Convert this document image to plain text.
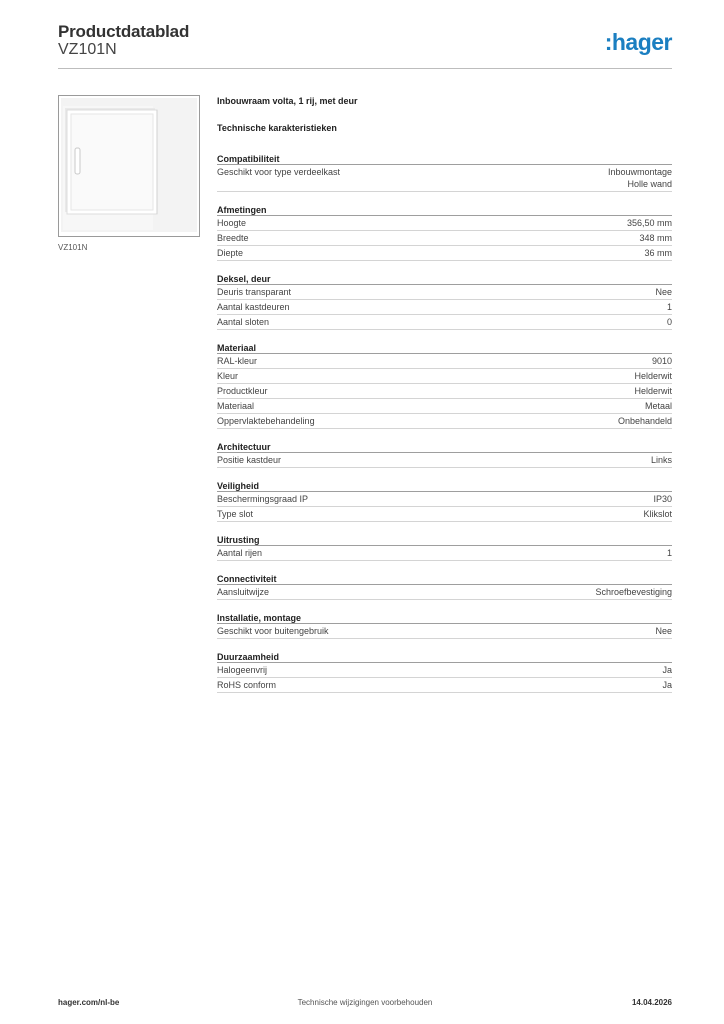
Productdatablad
VZ101N	:hager
VZ101N
Inbouwraam volta, 1 rij, met deur
Technische karakteristieken
Compatibiliteit
Geschikt voor type verdeelkast	Inbouwmontage
Holle wand
Afmetingen
Hoogte	356,50 mm
Breedte	348 mm
Diepte	36 mm
Deksel, deur
Deuris transparant	Nee
Aantal kastdeuren	1
Aantal sloten	0
Materiaal
RAL-kleur	9010
Kleur	Helderwit
Productkleur	Helderwit
Materiaal	Metaal
Oppervlaktebehandeling	Onbehandeld
Architectuur
Positie kastdeur	Links
Veiligheid
Beschermingsgraad IP	IP30
Type slot	Klikslot
Uitrusting
Aantal rijen	1
Connectiviteit
Aansluitwijze	Schroefbevestiging
Installatie, montage
Geschikt voor buitengebruik	Nee
Duurzaamheid
Halogeenvrij	Ja
RoHS conform	Ja
hager.com/nl-be	Technische wijzigingen voorbehouden	14.04.2026
